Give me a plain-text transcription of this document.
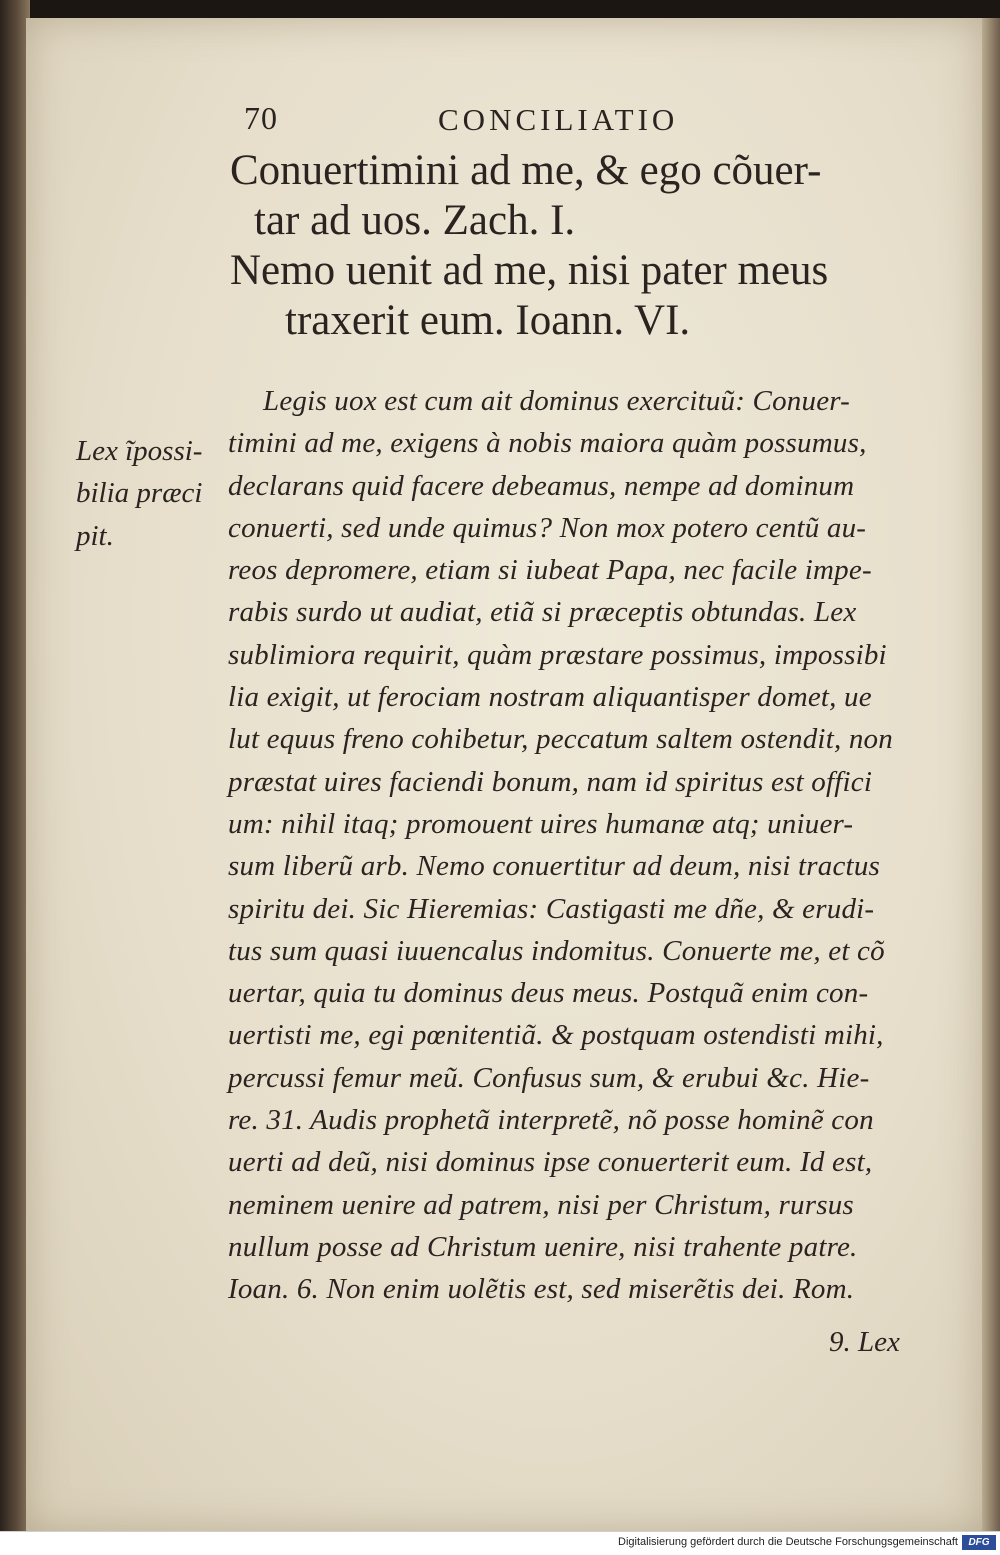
70	CONCILIATIO
Conuertimini ad me, & ego cõuer-
tar ad uos. Zach. I.
Nemo uenit ad me, nisi pater meus
traxerit eum. Ioann. VI.
Lex ĩpossi-
bilia præci
pit.
Legis uox est cum ait dominus exercituũ: Conuer-
timini ad me, exigens à nobis maiora quàm possumus,
declarans quid facere debeamus, nempe ad dominum
conuerti, sed unde quimus? Non mox potero centũ au-
reos depromere, etiam si iubeat Papa, nec facile impe-
rabis surdo ut audiat, etiã si præceptis obtundas. Lex
sublimiora requirit, quàm præstare possimus, impossibi
lia exigit, ut ferociam nostram aliquantisper domet, ue
lut equus freno cohibetur, peccatum saltem ostendit, non
præstat uires faciendi bonum, nam id spiritus est offici
um: nihil itaq; promouent uires humanæ atq; uniuer-
sum liberũ arb. Nemo conuertitur ad deum, nisi tractus
spiritu dei. Sic Hieremias: Castigasti me dñe, & erudi-
tus sum quasi iuuencalus indomitus. Conuerte me, et cõ
uertar, quia tu dominus deus meus. Postquã enim con-
uertisti me, egi pœnitentiã. & postquam ostendisti mihi,
percussi femur meũ. Confusus sum, & erubui &c. Hie-
re. 31. Audis prophetã interpretẽ, nõ posse hominẽ con
uerti ad deũ, nisi dominus ipse conuerterit eum. Id est,
neminem uenire ad patrem, nisi per Christum, rursus
nullum posse ad Christum uenire, nisi trahente patre.
Ioan. 6. Non enim uolẽtis est, sed miserẽtis dei. Rom.
9. Lex
Digitalisierung gefördert durch die Deutsche Forschungsgemeinschaft	DFG
